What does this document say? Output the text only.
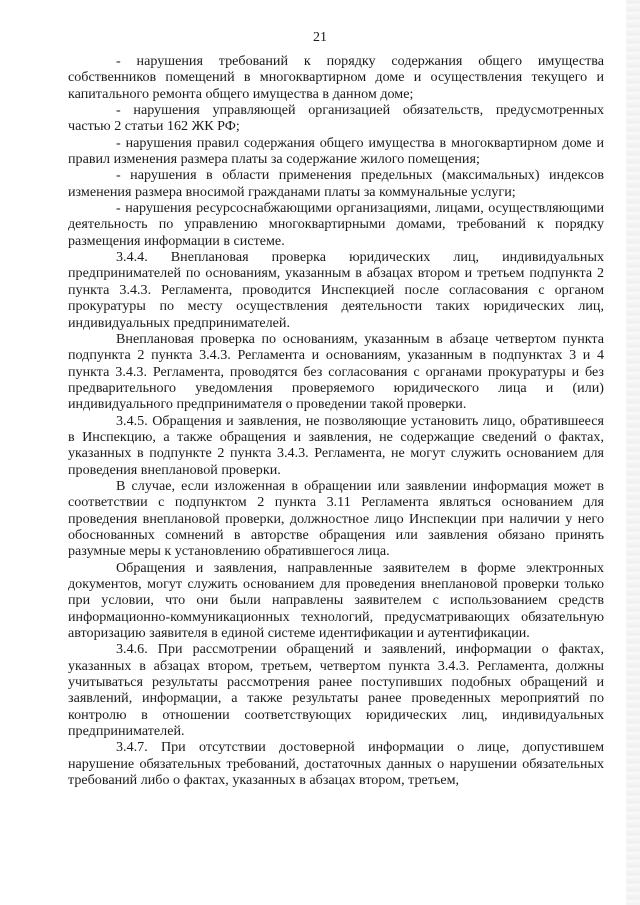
21

- нарушения требований к порядку содержания общего имущества собственников помещений в многоквартирном доме и осуществления текущего и капитального ремонта общего имущества в данном доме;

- нарушения управляющей организацией обязательств, предусмотренных частью 2 статьи 162 ЖК РФ;

- нарушения правил содержания общего имущества в многоквартирном доме и правил изменения размера платы за содержание жилого помещения;

- нарушения в области применения предельных (максимальных) индексов изменения размера вносимой гражданами платы за коммунальные услуги;

- нарушения ресурсоснабжающими организациями, лицами, осуществляющими деятельность по управлению многоквартирными домами, требований к порядку размещения информации в системе.

3.4.4. Внеплановая проверка юридических лиц, индивидуальных предпринимателей по основаниям, указанным в абзацах втором и третьем подпункта 2 пункта 3.4.3. Регламента, проводится Инспекцией после согласования с органом прокуратуры по месту осуществления деятельности таких юридических лиц, индивидуальных предпринимателей.

Внеплановая проверка по основаниям, указанным в абзаце четвертом пункта подпункта 2 пункта 3.4.3. Регламента и основаниям, указанным в подпунктах 3 и 4 пункта 3.4.3. Регламента, проводятся без согласования с органами прокуратуры и без предварительного уведомления проверяемого юридического лица и (или) индивидуального предпринимателя о проведении такой проверки.

3.4.5. Обращения и заявления, не позволяющие установить лицо, обратившееся в Инспекцию, а также обращения и заявления, не содержащие сведений о фактах, указанных в подпункте 2 пункта 3.4.3. Регламента, не могут служить основанием для проведения внеплановой проверки.

В случае, если изложенная в обращении или заявлении информация может в соответствии с подпунктом 2 пункта 3.11 Регламента являться основанием для проведения внеплановой проверки, должностное лицо Инспекции при наличии у него обоснованных сомнений в авторстве обращения или заявления обязано принять разумные меры к установлению обратившегося лица.

Обращения и заявления, направленные заявителем в форме электронных документов, могут служить основанием для проведения внеплановой проверки только при условии, что они были направлены заявителем с использованием средств информационно-коммуникационных технологий, предусматривающих обязательную авторизацию заявителя в единой системе идентификации и аутентификации.

3.4.6. При рассмотрении обращений и заявлений, информации о фактах, указанных в абзацах втором, третьем, четвертом пункта 3.4.3. Регламента, должны учитываться результаты рассмотрения ранее поступивших подобных обращений и заявлений, информации, а также результаты ранее проведенных мероприятий по контролю в отношении соответствующих юридических лиц, индивидуальных предпринимателей.

3.4.7. При отсутствии достоверной информации о лице, допустившем нарушение обязательных требований, достаточных данных о нарушении обязательных требований либо о фактах, указанных в абзацах втором, третьем,
